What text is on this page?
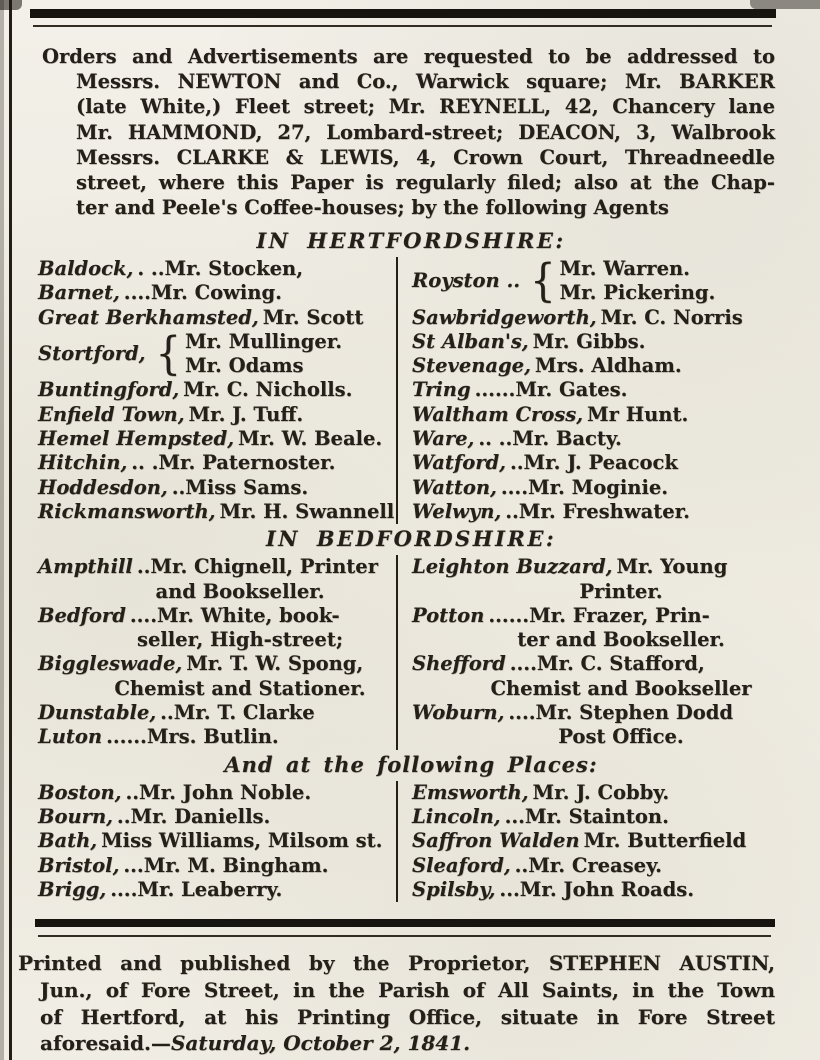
Orders and Advertisements are requested to be addressed to
Messrs. NEWTON and Co., Warwick square; Mr. BARKER
(late White,) Fleet street; Mr. REYNELL, 42, Chancery lane
Mr. HAMMOND, 27, Lombard-street; DEACON, 3, Walbrook
Messrs. CLARKE & LEWIS, 4, Crown Court, Threadneedle
street, where this Paper is regularly filed; also at the Chap-
ter and Peele's Coffee-houses; by the following Agents
IN HERTFORDSHIRE:
Baldock, . ..Mr. Stocken,
Barnet, ....Mr. Cowing.
Great Berkhamsted, Mr. Scott
Stortford, { Mr. Mullinger.
Mr. Odams
Buntingford, Mr. C. Nicholls.
Enfield Town, Mr. J. Tuff.
Hemel Hempsted, Mr. W. Beale.
Hitchin, .. .Mr. Paternoster.
Hoddesdon, ..Miss Sams.
Rickmansworth, Mr. H. Swannell
Royston .. { Mr. Warren.
Mr. Pickering.
Sawbridgeworth, Mr. C. Norris
St Alban's, Mr. Gibbs.
Stevenage, Mrs. Aldham.
Tring ......Mr. Gates.
Waltham Cross, Mr Hunt.
Ware, .. ..Mr. Bacty.
Watford, ..Mr. J. Peacock
Watton, ....Mr. Moginie.
Welwyn, ..Mr. Freshwater.
IN BEDFORDSHIRE:
Ampthill ..Mr. Chignell, Printer
and Bookseller.
Bedford ....Mr. White, book-
seller, High-street;
Biggleswade, Mr. T. W. Spong,
Chemist and Stationer.
Dunstable, ..Mr. T. Clarke
Luton ......Mrs. Butlin.
Leighton Buzzard, Mr. Young
Printer.
Potton ......Mr. Frazer, Prin-
ter and Bookseller.
Shefford ....Mr. C. Stafford,
Chemist and Bookseller
Woburn, ....Mr. Stephen Dodd
Post Office.
And at the following Places:
Boston, ..Mr. John Noble.
Bourn, ..Mr. Daniells.
Bath, Miss Williams, Milsom st.
Bristol, ...Mr. M. Bingham.
Brigg, ....Mr. Leaberry.
Emsworth, Mr. J. Cobby.
Lincoln, ...Mr. Stainton.
Saffron Walden Mr. Butterfield
Sleaford, ..Mr. Creasey.
Spilsby, ...Mr. John Roads.
Printed and published by the Proprietor, STEPHEN AUSTIN,
Jun., of Fore Street, in the Parish of All Saints, in the Town
of Hertford, at his Printing Office, situate in Fore Street
aforesaid.—Saturday, October 2, 1841.
